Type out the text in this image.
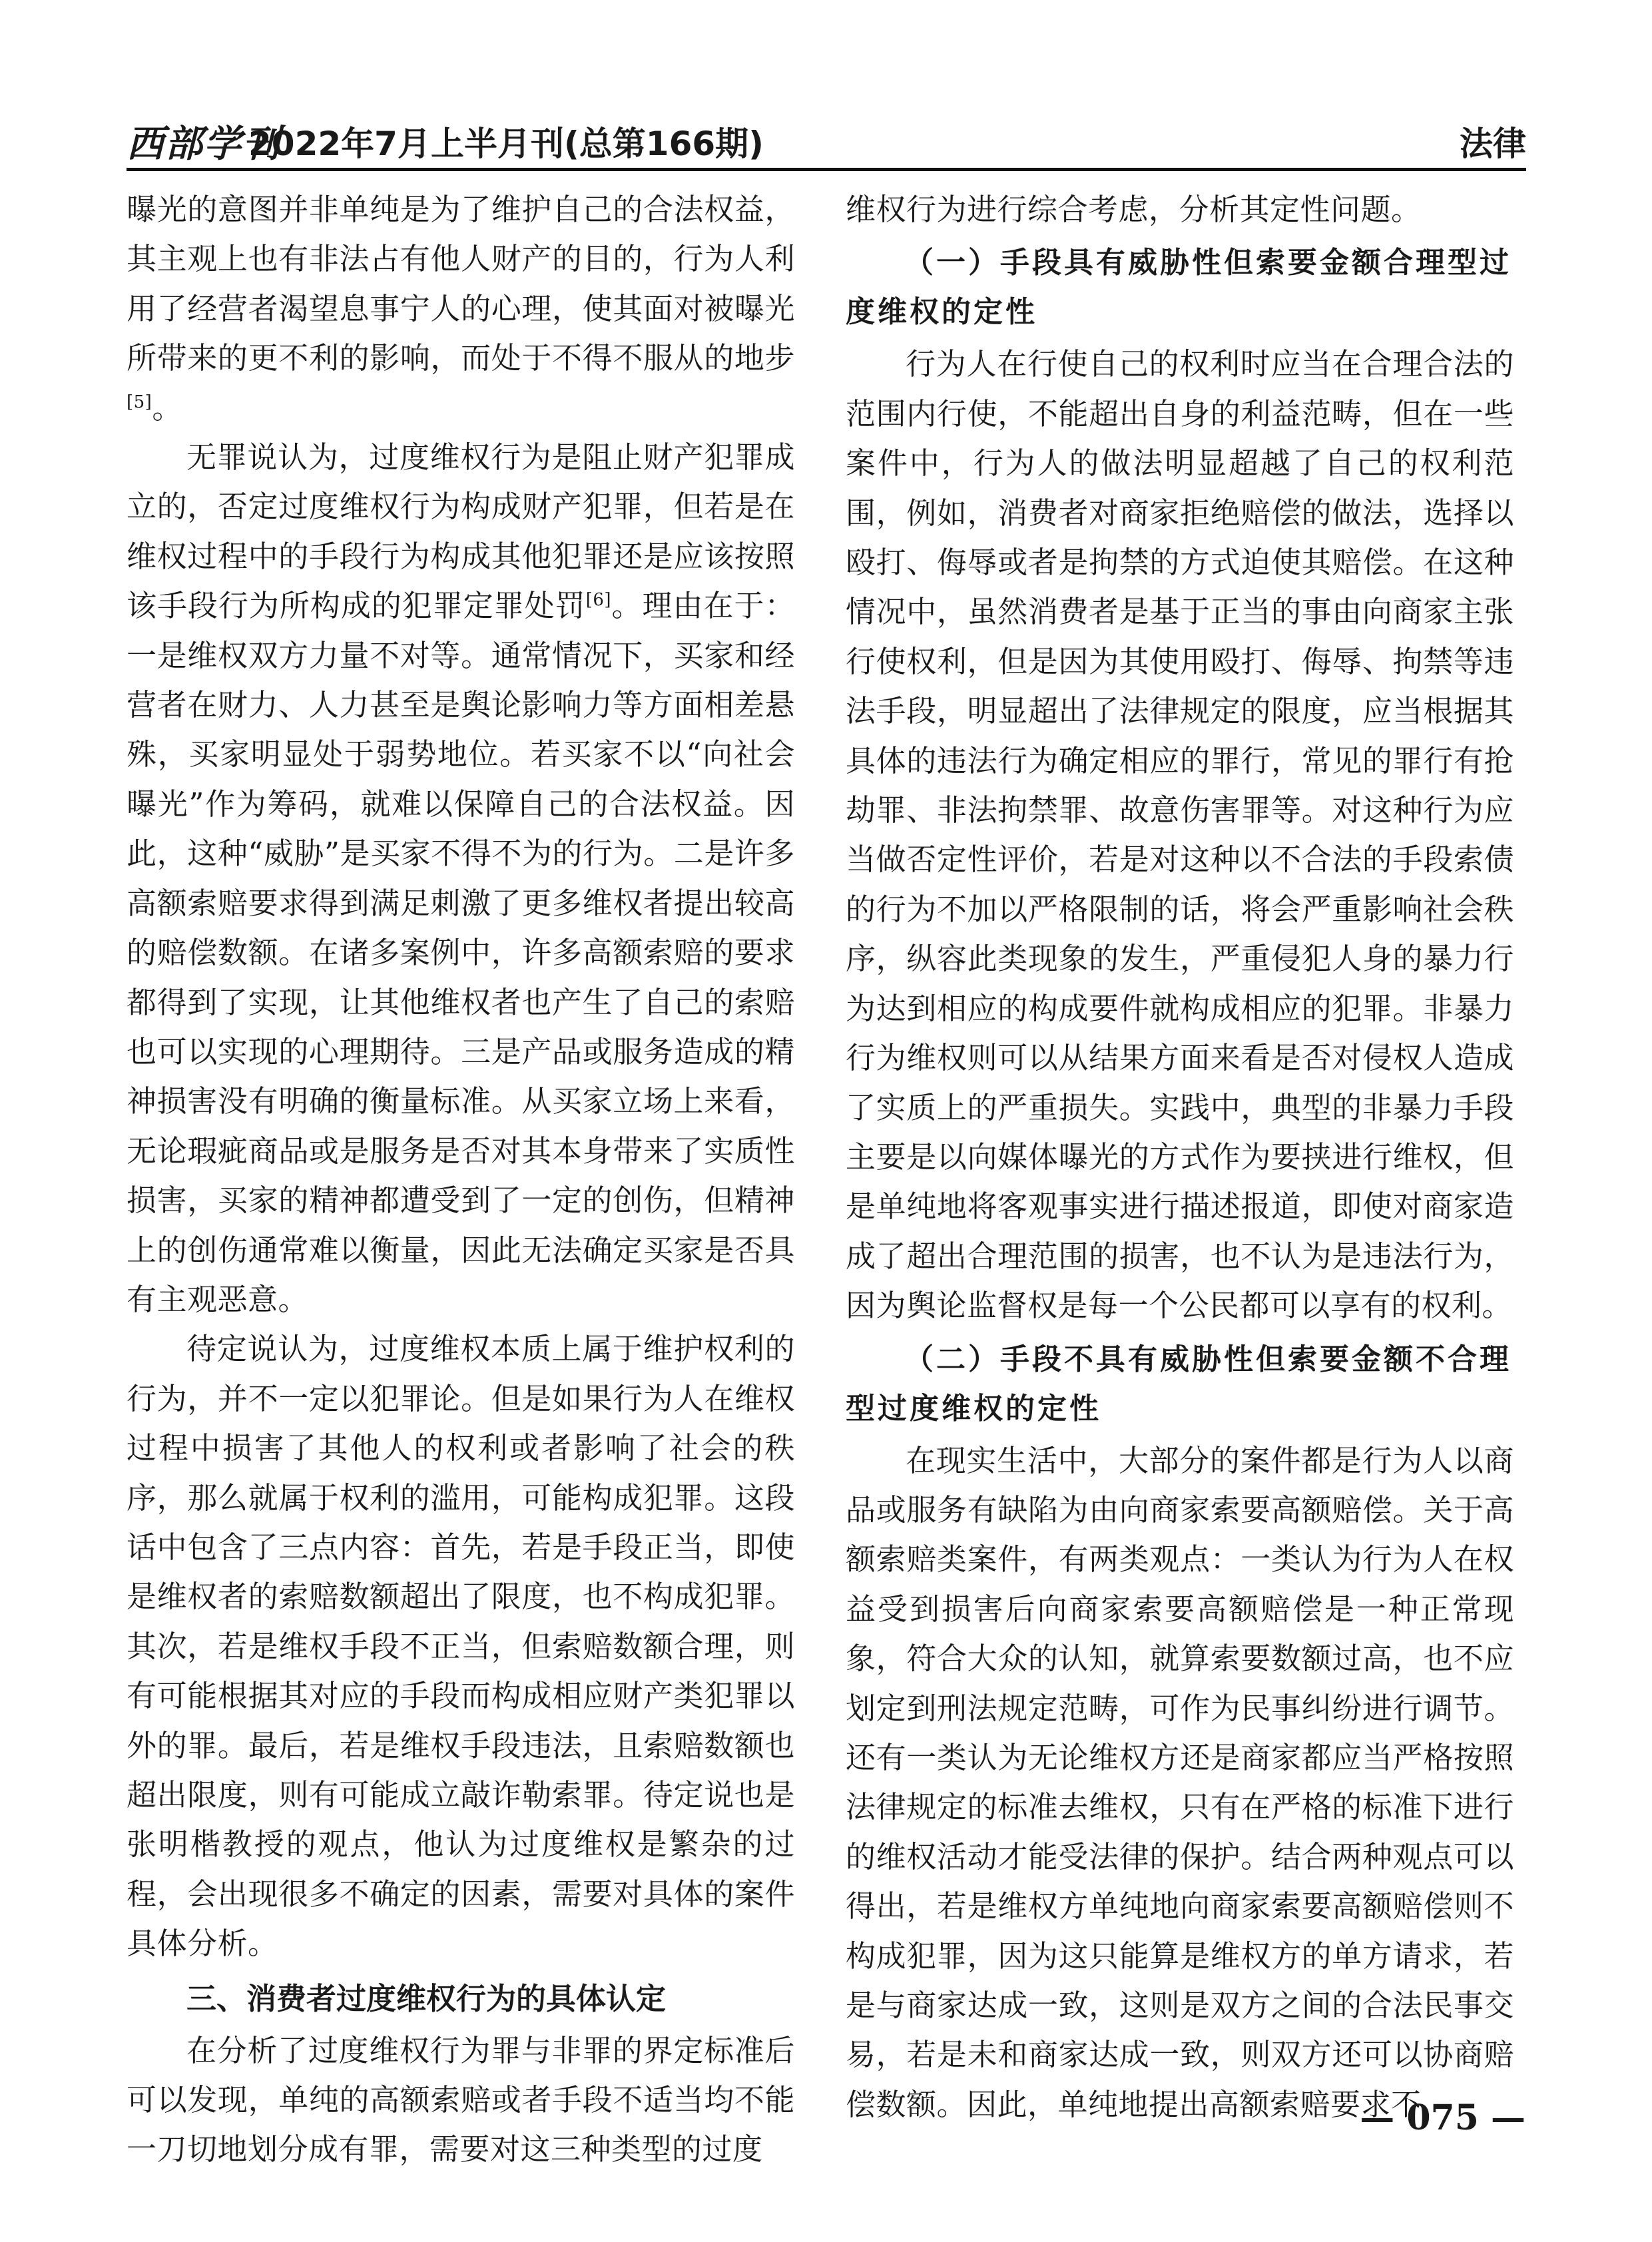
西部学刊
2022年7月上半月刊(总第166期)	法律

曝光的意图并非单纯是为了维护自己的合法权益，其主观上也有非法占有他人财产的目的，行为人利用了经营者渴望息事宁人的心理，使其面对被曝光所带来的更不利的影响，而处于不得不服从的地步[5]。

无罪说认为，过度维权行为是阻止财产犯罪成立的，否定过度维权行为构成财产犯罪，但若是在维权过程中的手段行为构成其他犯罪还是应该按照该手段行为所构成的犯罪定罪处罚[6]。理由在于：一是维权双方力量不对等。通常情况下，买家和经营者在财力、人力甚至是舆论影响力等方面相差悬殊，买家明显处于弱势地位。若买家不以“向社会曝光”作为筹码，就难以保障自己的合法权益。因此，这种“威胁”是买家不得不为的行为。二是许多高额索赔要求得到满足刺激了更多维权者提出较高的赔偿数额。在诸多案例中，许多高额索赔的要求都得到了实现，让其他维权者也产生了自己的索赔也可以实现的心理期待。三是产品或服务造成的精神损害没有明确的衡量标准。从买家立场上来看，无论瑕疵商品或是服务是否对其本身带来了实质性损害，买家的精神都遭受到了一定的创伤，但精神上的创伤通常难以衡量，因此无法确定买家是否具有主观恶意。

待定说认为，过度维权本质上属于维护权利的行为，并不一定以犯罪论。但是如果行为人在维权过程中损害了其他人的权利或者影响了社会的秩序，那么就属于权利的滥用，可能构成犯罪。这段话中包含了三点内容：首先，若是手段正当，即使是维权者的索赔数额超出了限度，也不构成犯罪。其次，若是维权手段不正当，但索赔数额合理，则有可能根据其对应的手段而构成相应财产类犯罪以外的罪。最后，若是维权手段违法，且索赔数额也超出限度，则有可能成立敲诈勒索罪。待定说也是张明楷教授的观点，他认为过度维权是繁杂的过程，会出现很多不确定的因素，需要对具体的案件具体分析。

三、消费者过度维权行为的具体认定

在分析了过度维权行为罪与非罪的界定标准后可以发现，单纯的高额索赔或者手段不适当均不能一刀切地划分成有罪，需要对这三种类型的过度

维权行为进行综合考虑，分析其定性问题。

（一）手段具有威胁性但索要金额合理型过度维权的定性

行为人在行使自己的权利时应当在合理合法的范围内行使，不能超出自身的利益范畴，但在一些案件中，行为人的做法明显超越了自己的权利范围，例如，消费者对商家拒绝赔偿的做法，选择以殴打、侮辱或者是拘禁的方式迫使其赔偿。在这种情况中，虽然消费者是基于正当的事由向商家主张行使权利，但是因为其使用殴打、侮辱、拘禁等违法手段，明显超出了法律规定的限度，应当根据其具体的违法行为确定相应的罪行，常见的罪行有抢劫罪、非法拘禁罪、故意伤害罪等。对这种行为应当做否定性评价，若是对这种以不合法的手段索债的行为不加以严格限制的话，将会严重影响社会秩序，纵容此类现象的发生，严重侵犯人身的暴力行为达到相应的构成要件就构成相应的犯罪。非暴力行为维权则可以从结果方面来看是否对侵权人造成了实质上的严重损失。实践中，典型的非暴力手段主要是以向媒体曝光的方式作为要挟进行维权，但是单纯地将客观事实进行描述报道，即使对商家造成了超出合理范围的损害，也不认为是违法行为，因为舆论监督权是每一个公民都可以享有的权利。

（二）手段不具有威胁性但索要金额不合理型过度维权的定性

在现实生活中，大部分的案件都是行为人以商品或服务有缺陷为由向商家索要高额赔偿。关于高额索赔类案件，有两类观点：一类认为行为人在权益受到损害后向商家索要高额赔偿是一种正常现象，符合大众的认知，就算索要数额过高，也不应划定到刑法规定范畴，可作为民事纠纷进行调节。还有一类认为无论维权方还是商家都应当严格按照法律规定的标准去维权，只有在严格的标准下进行的维权活动才能受法律的保护。结合两种观点可以得出，若是维权方单纯地向商家索要高额赔偿则不构成犯罪，因为这只能算是维权方的单方请求，若是与商家达成一致，这则是双方之间的合法民事交易，若是未和商家达成一致，则双方还可以协商赔偿数额。因此，单纯地提出高额索赔要求不

— 075 —
